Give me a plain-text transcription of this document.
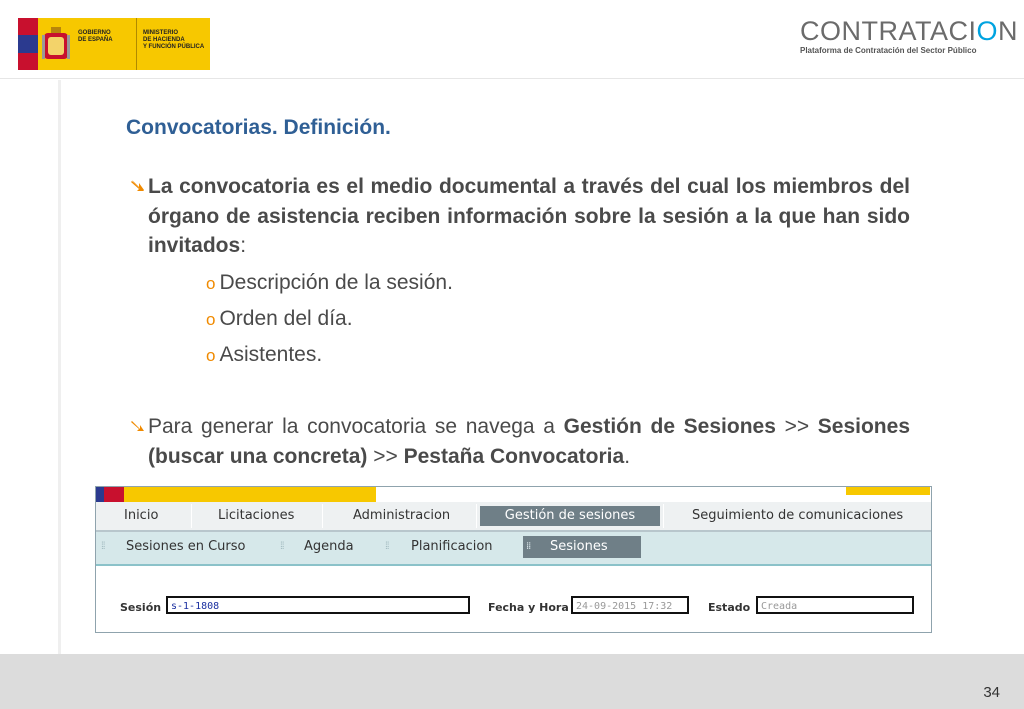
GOBIERNO
DE ESPAÑA
MINISTERIO
DE HACIENDA
Y FUNCIÓN PÚBLICA
CONTRATACION
Plataforma de Contratación del Sector Público
Convocatorias. Definición.
La convocatoria es el medio documental a través del cual los miembros del órgano de asistencia reciben información sobre la sesión a la que han sido invitados:
o Descripción de la sesión.
o Orden del día.
o Asistentes.
Para generar la convocatoria se navega a Gestión de Sesiones >> Sesiones (buscar una concreta) >> Pestaña Convocatoria.
Inicio	Licitaciones	Administracion	Gestión de sesiones	Seguimiento de comunicaciones
⁞⁞	Sesiones en Curso	⁞⁞	Agenda	⁞⁞	Planificacion	⁞⁞	Sesiones
Sesión s-1-1808	Fecha y Hora 24-09-2015 17:32	Estado	Creada
34
